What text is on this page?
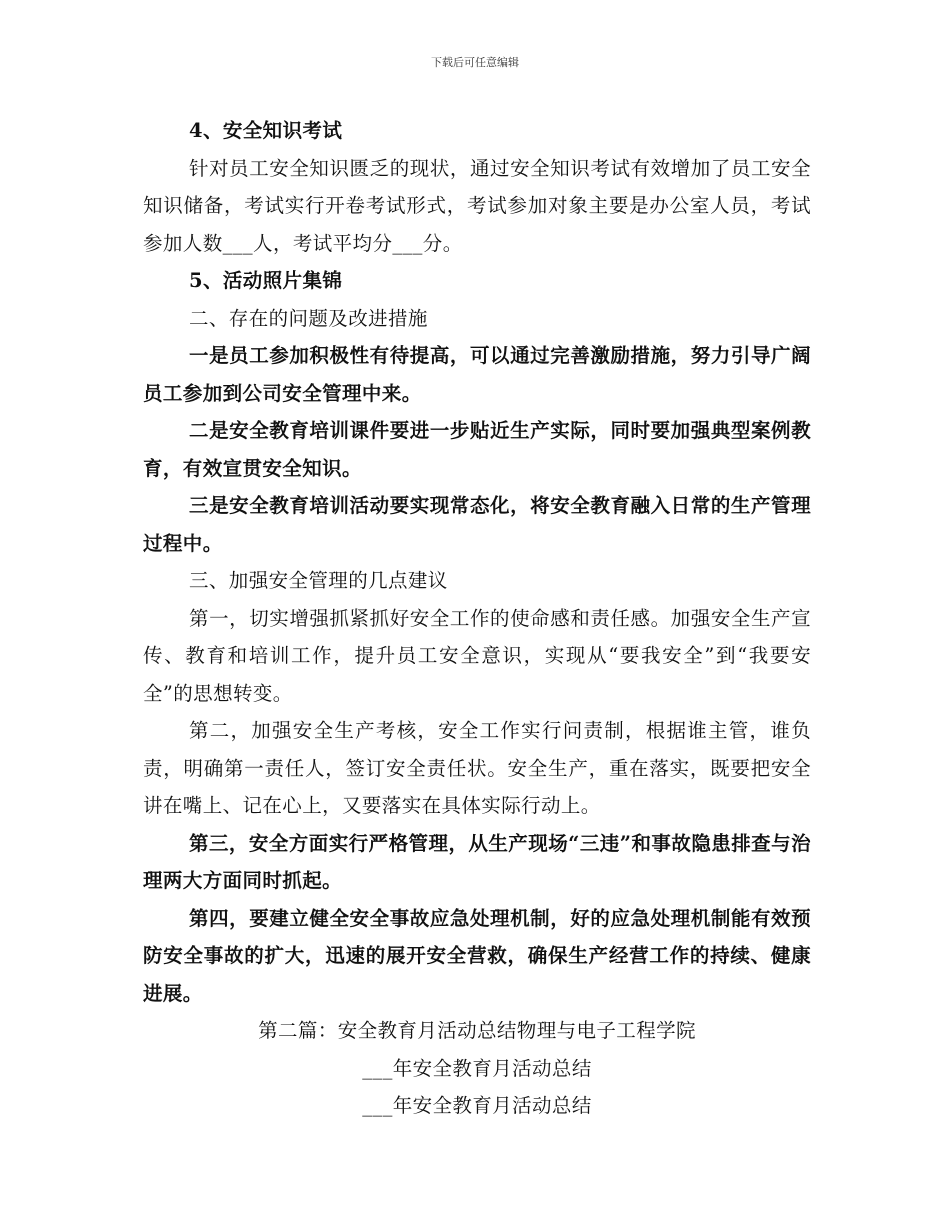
下载后可任意编辑

4、安全知识考试

针对员工安全知识匮乏的现状，通过安全知识考试有效增加了员工安全知识储备，考试实行开卷考试形式，考试参加对象主要是办公室人员，考试参加人数___人，考试平均分___分。

5、活动照片集锦

二、存在的问题及改进措施

一是员工参加积极性有待提高，可以通过完善激励措施，努力引导广阔员工参加到公司安全管理中来。

二是安全教育培训课件要进一步贴近生产实际，同时要加强典型案例教育，有效宣贯安全知识。

三是安全教育培训活动要实现常态化，将安全教育融入日常的生产管理过程中。

三、加强安全管理的几点建议

第一，切实增强抓紧抓好安全工作的使命感和责任感。加强安全生产宣传、教育和培训工作，提升员工安全意识，实现从“要我安全”到“我要安全”的思想转变。

第二，加强安全生产考核，安全工作实行问责制，根据谁主管，谁负责，明确第一责任人，签订安全责任状。安全生产，重在落实，既要把安全讲在嘴上、记在心上，又要落实在具体实际行动上。

第三，安全方面实行严格管理，从生产现场“三违”和事故隐患排查与治理两大方面同时抓起。

第四，要建立健全安全事故应急处理机制，好的应急处理机制能有效预防安全事故的扩大，迅速的展开安全营救，确保生产经营工作的持续、健康进展。

第二篇：安全教育月活动总结物理与电子工程学院

___年安全教育月活动总结

___年安全教育月活动总结
